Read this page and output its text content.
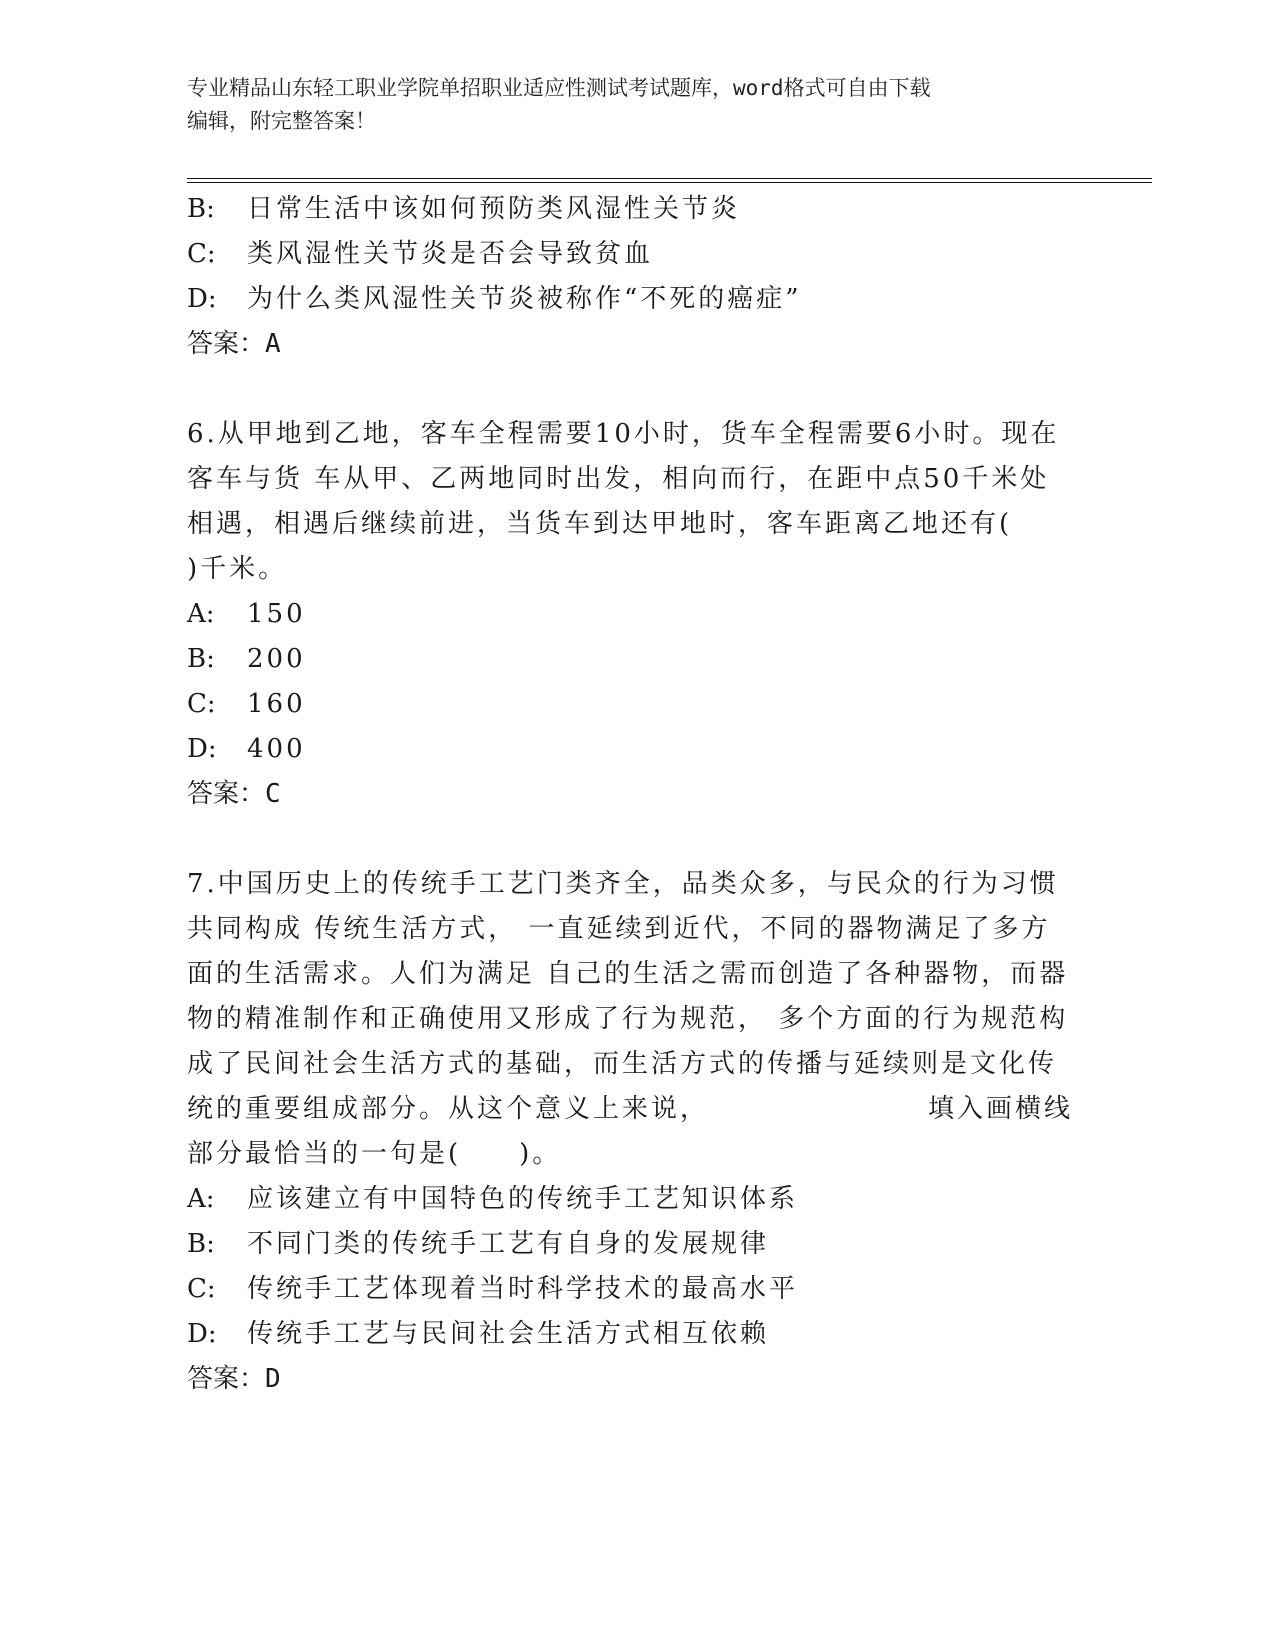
专业精品山东轻工职业学院单招职业适应性测试考试题库，word格式可自由下载
编辑，附完整答案！
B: 日常生活中该如何预防类风湿性关节炎
C: 类风湿性关节炎是否会导致贫血
D: 为什么类风湿性关节炎被称作“不死的癌症”
答案：A
6.从甲地到乙地，客车全程需要10小时，货车全程需要6小时。现在
客车与货 车从甲、乙两地同时出发，相向而行，在距中点50千米处
相遇，相遇后继续前进，当货车到达甲地时，客车距离乙地还有(
)千米。
A: 150
B: 200
C: 160
D: 400
答案：C
7.中国历史上的传统手工艺门类齐全，品类众多，与民众的行为习惯
共同构成 传统生活方式， 一直延续到近代，不同的器物满足了多方
面的生活需求。人们为满足 自己的生活之需而创造了各种器物，而器
物的精准制作和正确使用又形成了行为规范， 多个方面的行为规范构
成了民间社会生活方式的基础，而生活方式的传播与延续则是文化传
统的重要组成部分。从这个意义上来说，　　　　　　　　填入画横线
部分最恰当的一句是(　　)。
A: 应该建立有中国特色的传统手工艺知识体系
B: 不同门类的传统手工艺有自身的发展规律
C: 传统手工艺体现着当时科学技术的最高水平
D: 传统手工艺与民间社会生活方式相互依赖
答案：D
